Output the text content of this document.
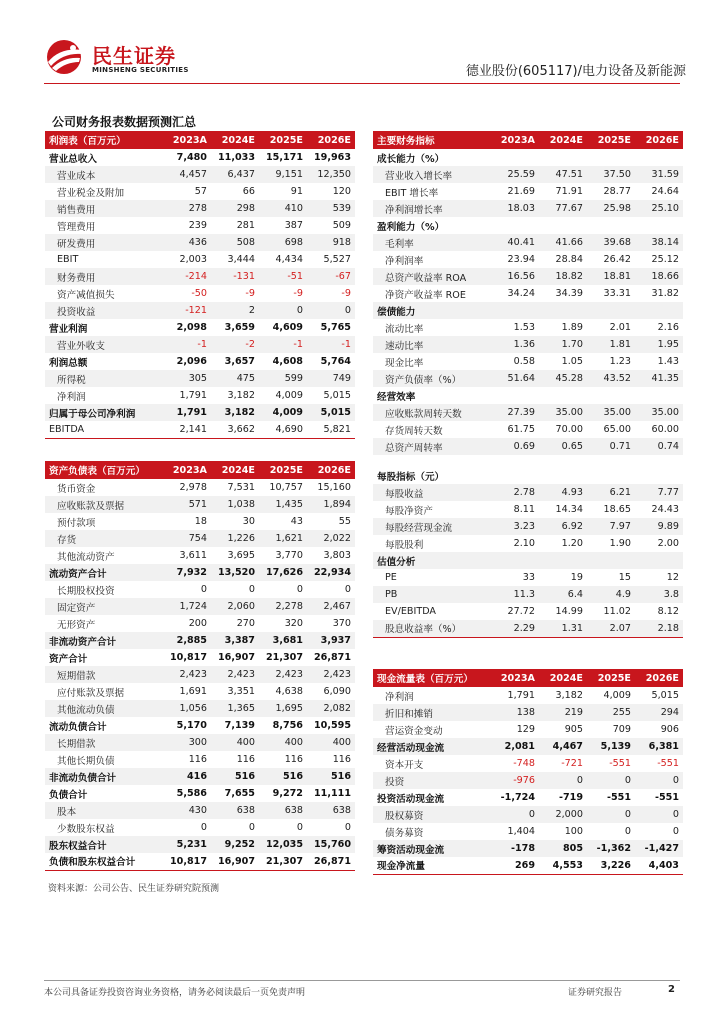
民生证券
MINSHENG SECURITIES	德业股份(605117)/电力设备及新能源
公司财务报表数据预测汇总
利润表（百万元）	2023A	2024E	2025E	2026E
营业总收入	7,480	11,033	15,171	19,963
营业成本	4,457	6,437	9,151	12,350
营业税金及附加	57	66	91	120
销售费用	278	298	410	539
管理费用	239	281	387	509
研发费用	436	508	698	918
EBIT	2,003	3,444	4,434	5,527
财务费用	-214	-131	-51	-67
资产减值损失	-50	-9	-9	-9
投资收益	-121	2	0	0
营业利润	2,098	3,659	4,609	5,765
营业外收支	-1	-2	-1	-1
利润总额	2,096	3,657	4,608	5,764
所得税	305	475	599	749
净利润	1,791	3,182	4,009	5,015
归属于母公司净利润	1,791	3,182	4,009	5,015
EBITDA	2,141	3,662	4,690	5,821
主要财务指标	2023A	2024E	2025E	2026E
成长能力（%）				
营业收入增长率	25.59	47.51	37.50	31.59
EBIT 增长率	21.69	71.91	28.77	24.64
净利润增长率	18.03	77.67	25.98	25.10
盈利能力（%）				
毛利率	40.41	41.66	39.68	38.14
净利润率	23.94	28.84	26.42	25.12
总资产收益率 ROA	16.56	18.82	18.81	18.66
净资产收益率 ROE	34.24	34.39	33.31	31.82
偿债能力				
流动比率	1.53	1.89	2.01	2.16
速动比率	1.36	1.70	1.81	1.95
现金比率	0.58	1.05	1.23	1.43
资产负债率（%）	51.64	45.28	43.52	41.35
经营效率				
应收账款周转天数	27.39	35.00	35.00	35.00
存货周转天数	61.75	70.00	65.00	60.00
总资产周转率	0.69	0.65	0.71	0.74

每股指标（元）				
每股收益	2.78	4.93	6.21	7.77
每股净资产	8.11	14.34	18.65	24.43
每股经营现金流	3.23	6.92	7.97	9.89
每股股利	2.10	1.20	1.90	2.00
估值分析				
PE	33	19	15	12
PB	11.3	6.4	4.9	3.8
EV/EBITDA	27.72	14.99	11.02	8.12
股息收益率（%）	2.29	1.31	2.07	2.18
资产负债表（百万元）	2023A	2024E	2025E	2026E
货币资金	2,978	7,531	10,757	15,160
应收账款及票据	571	1,038	1,435	1,894
预付款项	18	30	43	55
存货	754	1,226	1,621	2,022
其他流动资产	3,611	3,695	3,770	3,803
流动资产合计	7,932	13,520	17,626	22,934
长期股权投资	0	0	0	0
固定资产	1,724	2,060	2,278	2,467
无形资产	200	270	320	370
非流动资产合计	2,885	3,387	3,681	3,937
资产合计	10,817	16,907	21,307	26,871
短期借款	2,423	2,423	2,423	2,423
应付账款及票据	1,691	3,351	4,638	6,090
其他流动负债	1,056	1,365	1,695	2,082
流动负债合计	5,170	7,139	8,756	10,595
长期借款	300	400	400	400
其他长期负债	116	116	116	116
非流动负债合计	416	516	516	516
负债合计	5,586	7,655	9,272	11,111
股本	430	638	638	638
少数股东权益	0	0	0	0
股东权益合计	5,231	9,252	12,035	15,760
负债和股东权益合计	10,817	16,907	21,307	26,871
现金流量表（百万元）	2023A	2024E	2025E	2026E
净利润	1,791	3,182	4,009	5,015
折旧和摊销	138	219	255	294
营运资金变动	129	905	709	906
经营活动现金流	2,081	4,467	5,139	6,381
资本开支	-748	-721	-551	-551
投资	-976	0	0	0
投资活动现金流	-1,724	-719	-551	-551
股权募资	0	2,000	0	0
债务募资	1,404	100	0	0
筹资活动现金流	-178	805	-1,362	-1,427
现金净流量	269	4,553	3,226	4,403
资料来源：公司公告、民生证券研究院预测
本公司具备证券投资咨询业务资格，请务必阅读最后一页免责声明	证券研究报告	2
